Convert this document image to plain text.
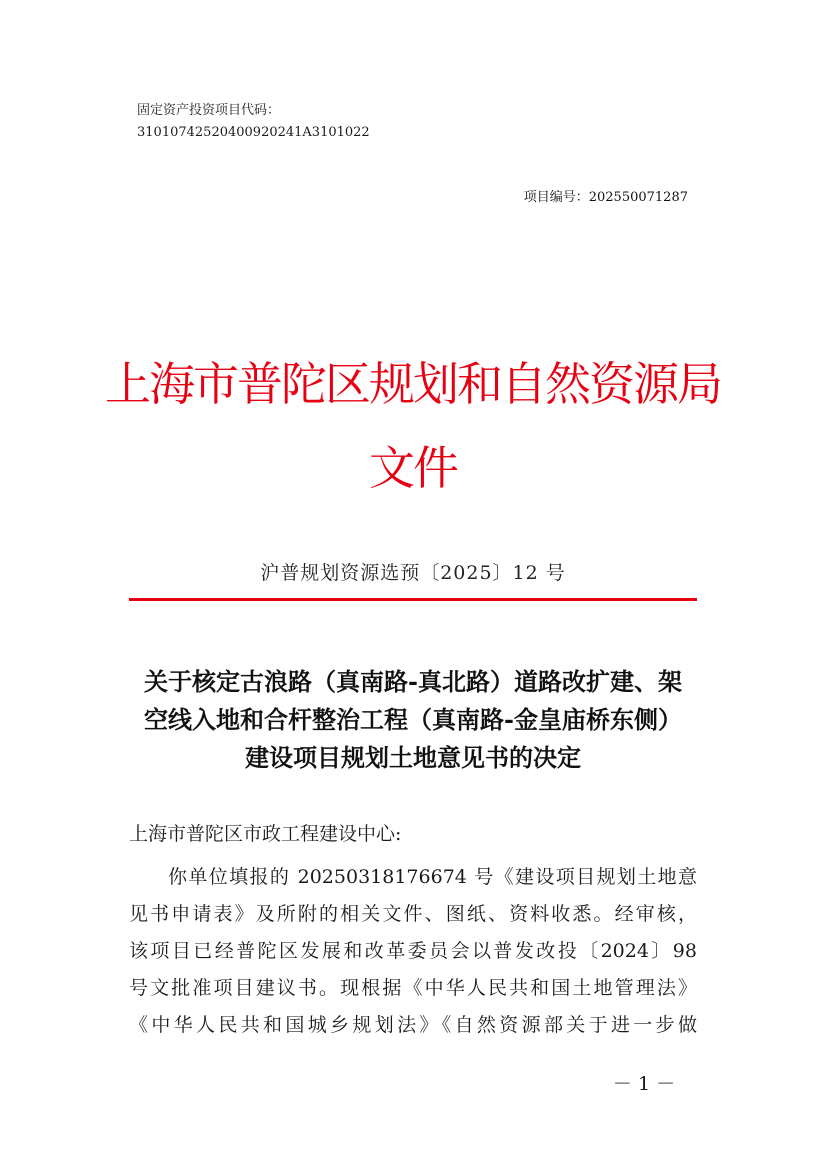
固定资产投资项目代码：
31010742520400920241A3101022
项目编号：202550071287
上海市普陀区规划和自然资源局
文件
沪普规划资源选预〔2025〕12 号
关于核定古浪路（真南路-真北路）道路改扩建、架
空线入地和合杆整治工程（真南路-金皇庙桥东侧）
建设项目规划土地意见书的决定
上海市普陀区市政工程建设中心:
你单位填报的 20250318176674 号《建设项目规划土地意
见书申请表》及所附的相关文件、图纸、资料收悉。经审核，
该项目已经普陀区发展和改革委员会以普发改投〔2024〕98
号文批准项目建议书。现根据《中华人民共和国土地管理法》
《中华人民共和国城乡规划法》《自然资源部关于进一步做
－ 1 －
